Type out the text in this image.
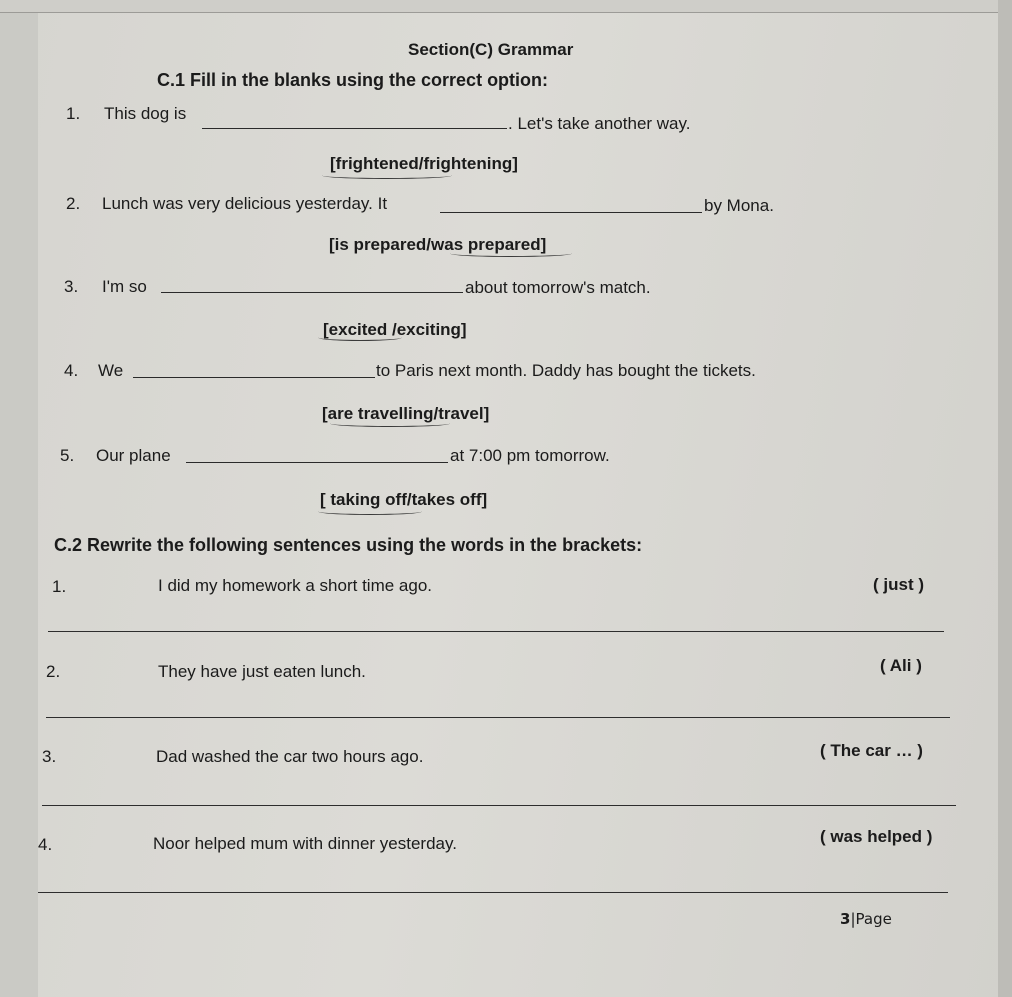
Section(C) Grammar
C.1 Fill in the blanks using the correct option:
1. This dog is
. Let's take another way.
[frightened/frightening]
2. Lunch was very delicious yesterday. It	by Mona.
[is prepared/was prepared]
3. I'm so	about tomorrow's match.
[excited /exciting]
4. We	to Paris next month. Daddy has bought the tickets.
[are travelling/travel]
5. Our plane	at 7:00 pm tomorrow.
[ taking off/takes off]
C.2 Rewrite the following sentences using the words in the brackets:
1.	I did my homework a short time ago.	( just )
2.	They have just eaten lunch.	( Ali )
3.	Dad washed the car two hours ago.	( The car … )
4.	Noor helped mum with dinner yesterday.	( was helped )
3|Page
